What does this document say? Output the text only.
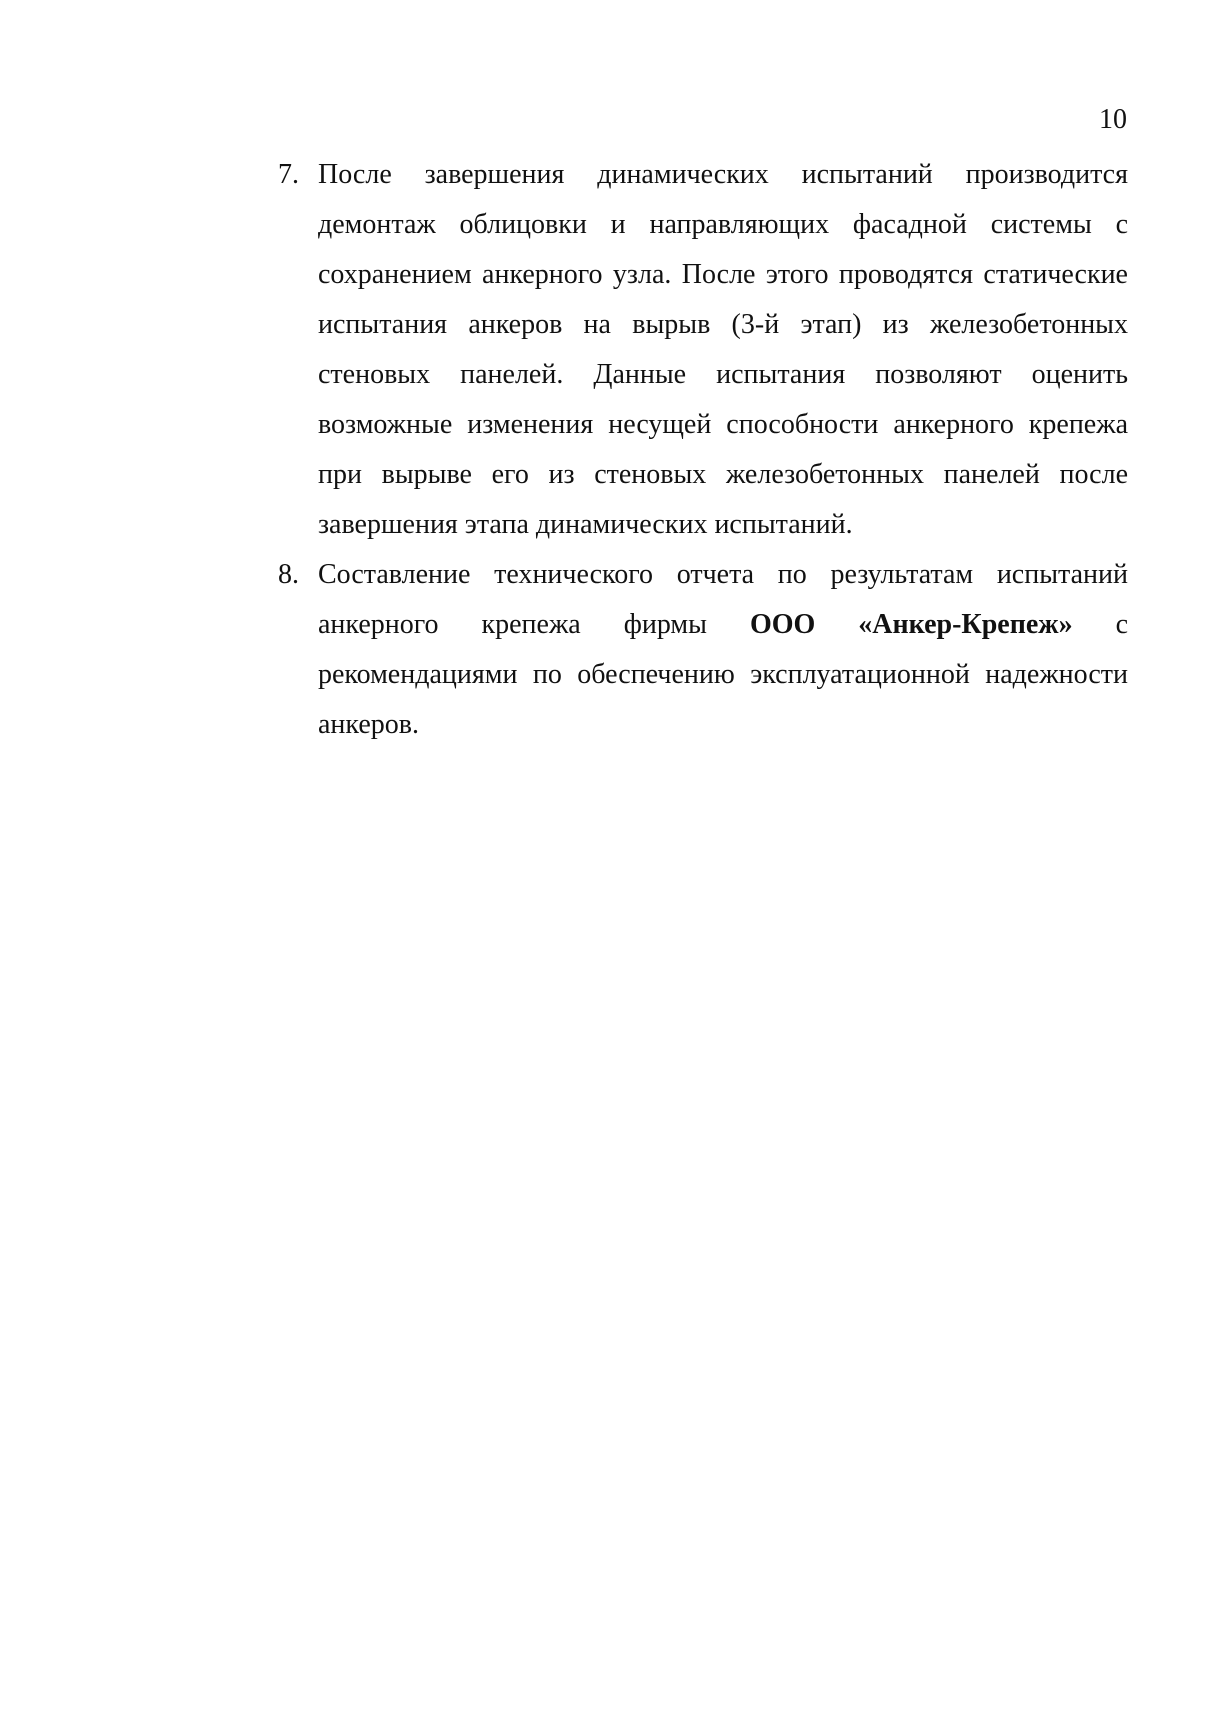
10
7. После завершения динамических испытаний производится демонтаж облицовки и направляющих фасадной системы с сохранением анкерного узла. После этого проводятся статические испытания анкеров на вырыв (3-й этап) из железобетонных стеновых панелей. Данные испытания позволяют оценить возможные изменения несущей способности анкерного крепежа при вырыве его из стеновых железобетонных панелей после завершения этапа динамических испытаний.
8. Составление технического отчета по результатам испытаний анкерного крепежа фирмы ООО «Анкер-Крепеж» с рекомендациями по обеспечению эксплуатационной надежности анкеров.
